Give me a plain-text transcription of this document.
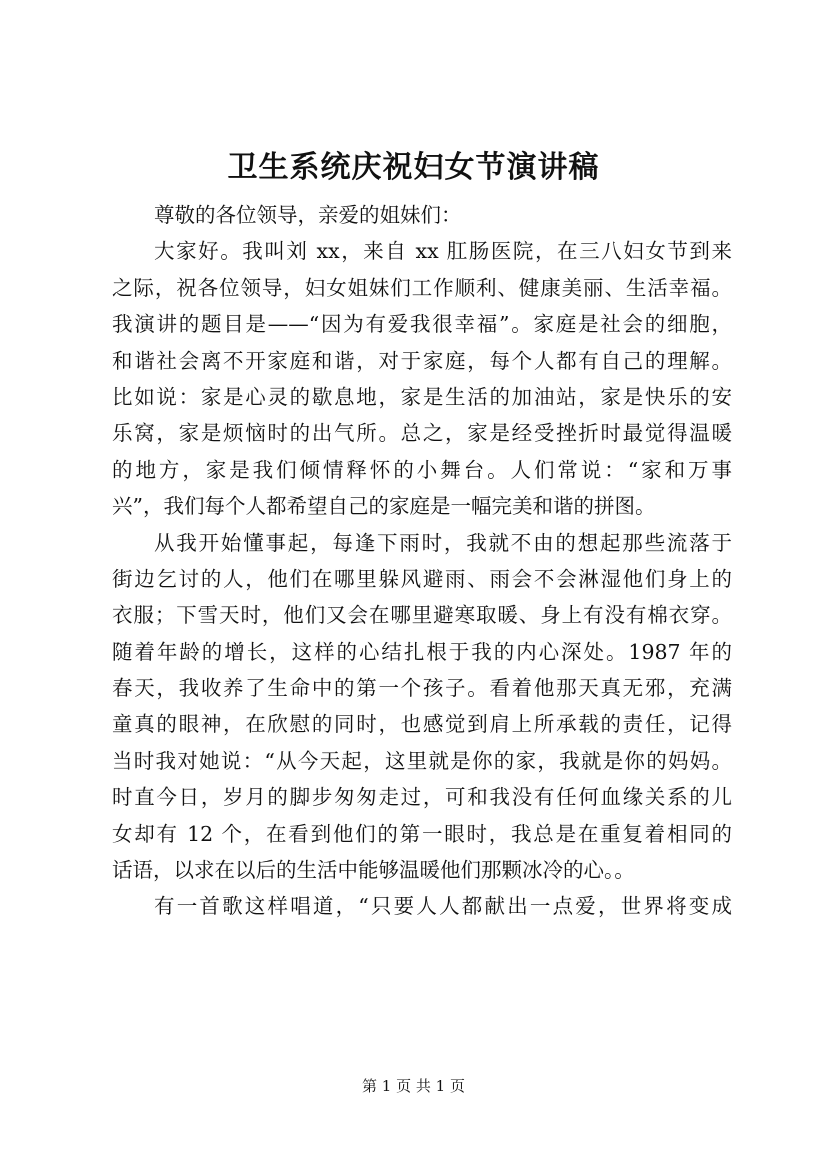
卫生系统庆祝妇女节演讲稿
尊敬的各位领导，亲爱的姐妹们：
大家好。我叫刘 xx，来自 xx 肛肠医院，在三八妇女节到来
之际，祝各位领导，妇女姐妹们工作顺利、健康美丽、生活幸福。
我演讲的题目是——“因为有爱我很幸福”。家庭是社会的细胞，
和谐社会离不开家庭和谐，对于家庭，每个人都有自己的理解。
比如说：家是心灵的歇息地，家是生活的加油站，家是快乐的安
乐窝，家是烦恼时的出气所。总之，家是经受挫折时最觉得温暖
的地方，家是我们倾情释怀的小舞台。人们常说：“家和万事
兴”，我们每个人都希望自己的家庭是一幅完美和谐的拼图。
从我开始懂事起，每逢下雨时，我就不由的想起那些流落于
街边乞讨的人，他们在哪里躲风避雨、雨会不会淋湿他们身上的
衣服；下雪天时，他们又会在哪里避寒取暖、身上有没有棉衣穿。
随着年龄的增长，这样的心结扎根于我的内心深处。1987 年的
春天，我收养了生命中的第一个孩子。看着他那天真无邪，充满
童真的眼神，在欣慰的同时，也感觉到肩上所承载的责任，记得
当时我对她说：“从今天起，这里就是你的家，我就是你的妈妈。
时直今日，岁月的脚步匆匆走过，可和我没有任何血缘关系的儿
女却有 12 个，在看到他们的第一眼时，我总是在重复着相同的
话语，以求在以后的生活中能够温暖他们那颗冰冷的心。。
有一首歌这样唱道，“只要人人都献出一点爱，世界将变成
第 1 页 共 1 页
